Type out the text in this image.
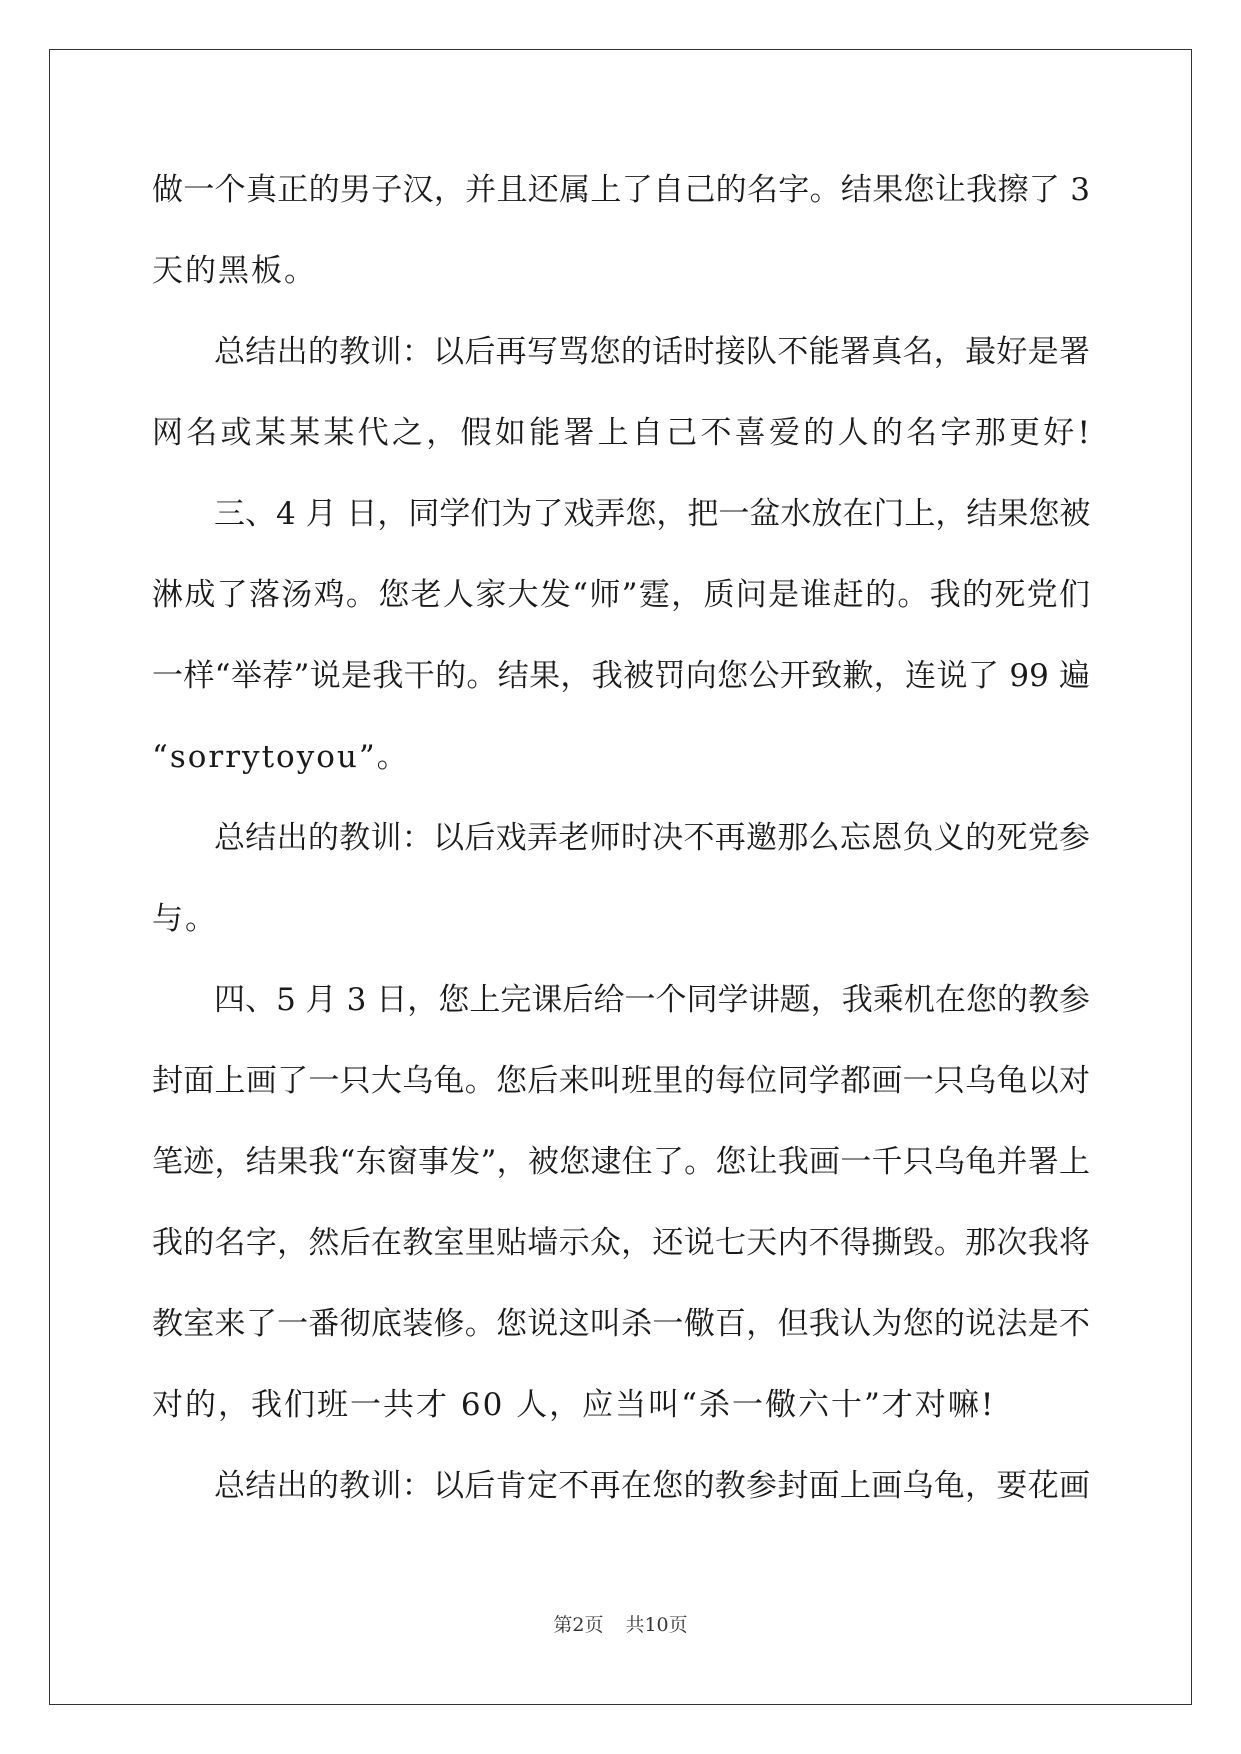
做一个真正的男子汉，并且还属上了自己的名字。结果您让我擦了 3
天的黑板。
总结出的教训：以后再写骂您的话时接队不能署真名，最好是署
网名或某某某代之，假如能署上自己不喜爱的人的名字那更好!
三、4 月 日，同学们为了戏弄您，把一盆水放在门上，结果您被
淋成了落汤鸡。您老人家大发“师”霆，质问是谁赶的。我的死党们
一样“举荐”说是我干的。结果，我被罚向您公开致歉，连说了 99 遍
“sorrytoyou”。
总结出的教训：以后戏弄老师时决不再邀那么忘恩负义的死党参
与。
四、5 月 3 日，您上完课后给一个同学讲题，我乘机在您的教参
封面上画了一只大乌龟。您后来叫班里的每位同学都画一只乌龟以对
笔迹，结果我“东窗事发”，被您逮住了。您让我画一千只乌龟并署上
我的名字，然后在教室里贴墙示众，还说七天内不得撕毁。那次我将
教室来了一番彻底装修。您说这叫杀一儆百，但我认为您的说法是不
对的，我们班一共才 60 人，应当叫“杀一儆六十”才对嘛!
总结出的教训：以后肯定不再在您的教参封面上画乌龟，要花画
第2页 共10页
